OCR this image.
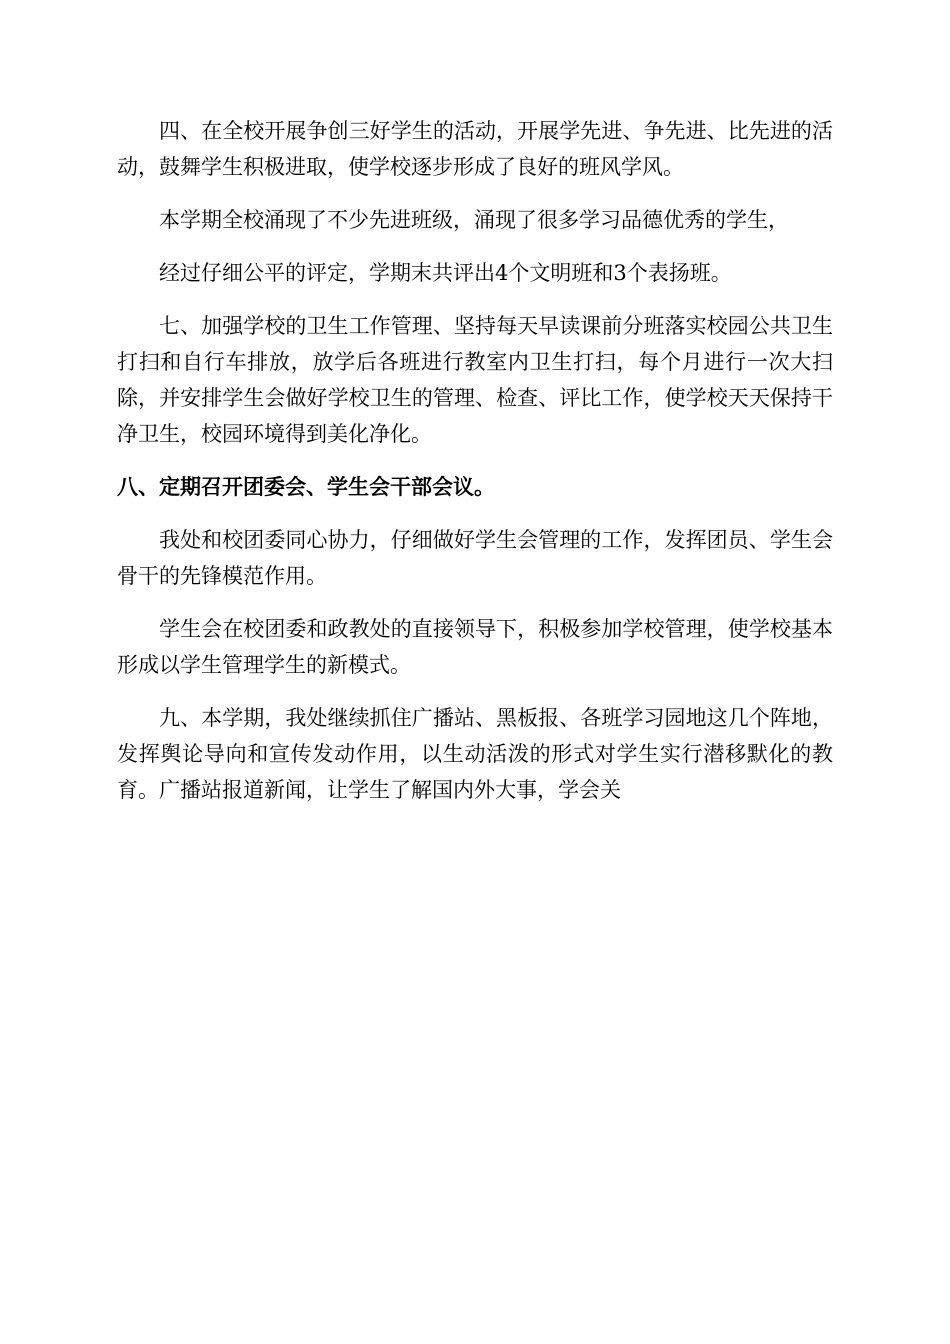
四、在全校开展争创三好学生的活动，开展学先进、争先进、比先进的活动，鼓舞学生积极进取，使学校逐步形成了良好的班风学风。

本学期全校涌现了不少先进班级，涌现了很多学习品德优秀的学生，

经过仔细公平的评定，学期末共评出4个文明班和3个表扬班。

七、加强学校的卫生工作管理、坚持每天早读课前分班落实校园公共卫生打扫和自行车排放，放学后各班进行教室内卫生打扫，每个月进行一次大扫除，并安排学生会做好学校卫生的管理、检查、评比工作，使学校天天保持干净卫生，校园环境得到美化净化。

八、定期召开团委会、学生会干部会议。

我处和校团委同心协力，仔细做好学生会管理的工作，发挥团员、学生会骨干的先锋模范作用。

学生会在校团委和政教处的直接领导下，积极参加学校管理，使学校基本形成以学生管理学生的新模式。

九、本学期，我处继续抓住广播站、黑板报、各班学习园地这几个阵地，发挥舆论导向和宣传发动作用，以生动活泼的形式对学生实行潜移默化的教育。广播站报道新闻，让学生了解国内外大事，学会关
